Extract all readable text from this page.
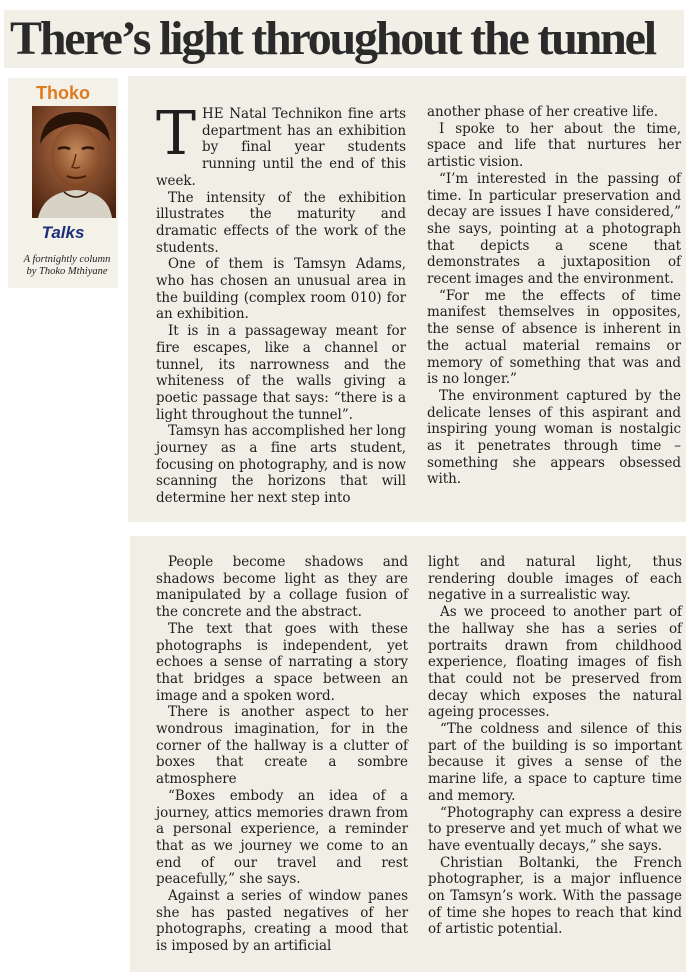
There’s light throughout the tunnel
Thoko
Talks
A fortnightly column by Thoko Mthiyane

THE Natal Technikon fine arts department has an exhibition by final year students running until the end of this week.

The intensity of the exhibition illustrates the maturity and dramatic effects of the work of the students.

One of them is Tamsyn Adams, who has chosen an unusual area in the building (complex room 010) for an exhibition.

It is in a passageway meant for fire escapes, like a channel or tunnel, its narrowness and the whiteness of the walls giving a poetic passage that says: “there is a light throughout the tunnel”.

Tamsyn has accomplished her long journey as a fine arts student, focusing on photography, and is now scanning the horizons that will determine her next step into

another phase of her creative life.

I spoke to her about the time, space and life that nurtures her artistic vision.

“I’m interested in the passing of time. In particular preservation and decay are issues I have considered,” she says, pointing at a photograph that depicts a scene that demonstrates a juxtaposition of recent images and the environment.

“For me the effects of time manifest themselves in opposites, the sense of absence is inherent in the actual material remains or memory of something that was and is no longer.”

The environment captured by the delicate lenses of this aspirant and inspiring young woman is nostalgic as it penetrates through time – something she appears obsessed with.

People become shadows and shadows become light as they are manipulated by a collage fusion of the concrete and the abstract.

The text that goes with these photographs is independent, yet echoes a sense of narrating a story that bridges a space between an image and a spoken word.

There is another aspect to her wondrous imagination, for in the corner of the hallway is a clutter of boxes that create a sombre atmosphere

“Boxes embody an idea of a journey, attics memories drawn from a personal experience, a reminder that as we journey we come to an end of our travel and rest peacefully,” she says.

Against a series of window panes she has pasted negatives of her photographs, creating a mood that is imposed by an artificial

light and natural light, thus rendering double images of each negative in a surrealistic way.

As we proceed to another part of the hallway she has a series of portraits drawn from childhood experience, floating images of fish that could not be preserved from decay which exposes the natural ageing processes.

“The coldness and silence of this part of the building is so important because it gives a sense of the marine life, a space to capture time and memory.

“Photography can express a desire to preserve and yet much of what we have eventually decays,” she says.

Christian Boltanki, the French photographer, is a major influence on Tamsyn’s work. With the passage of time she hopes to reach that kind of artistic potential.
